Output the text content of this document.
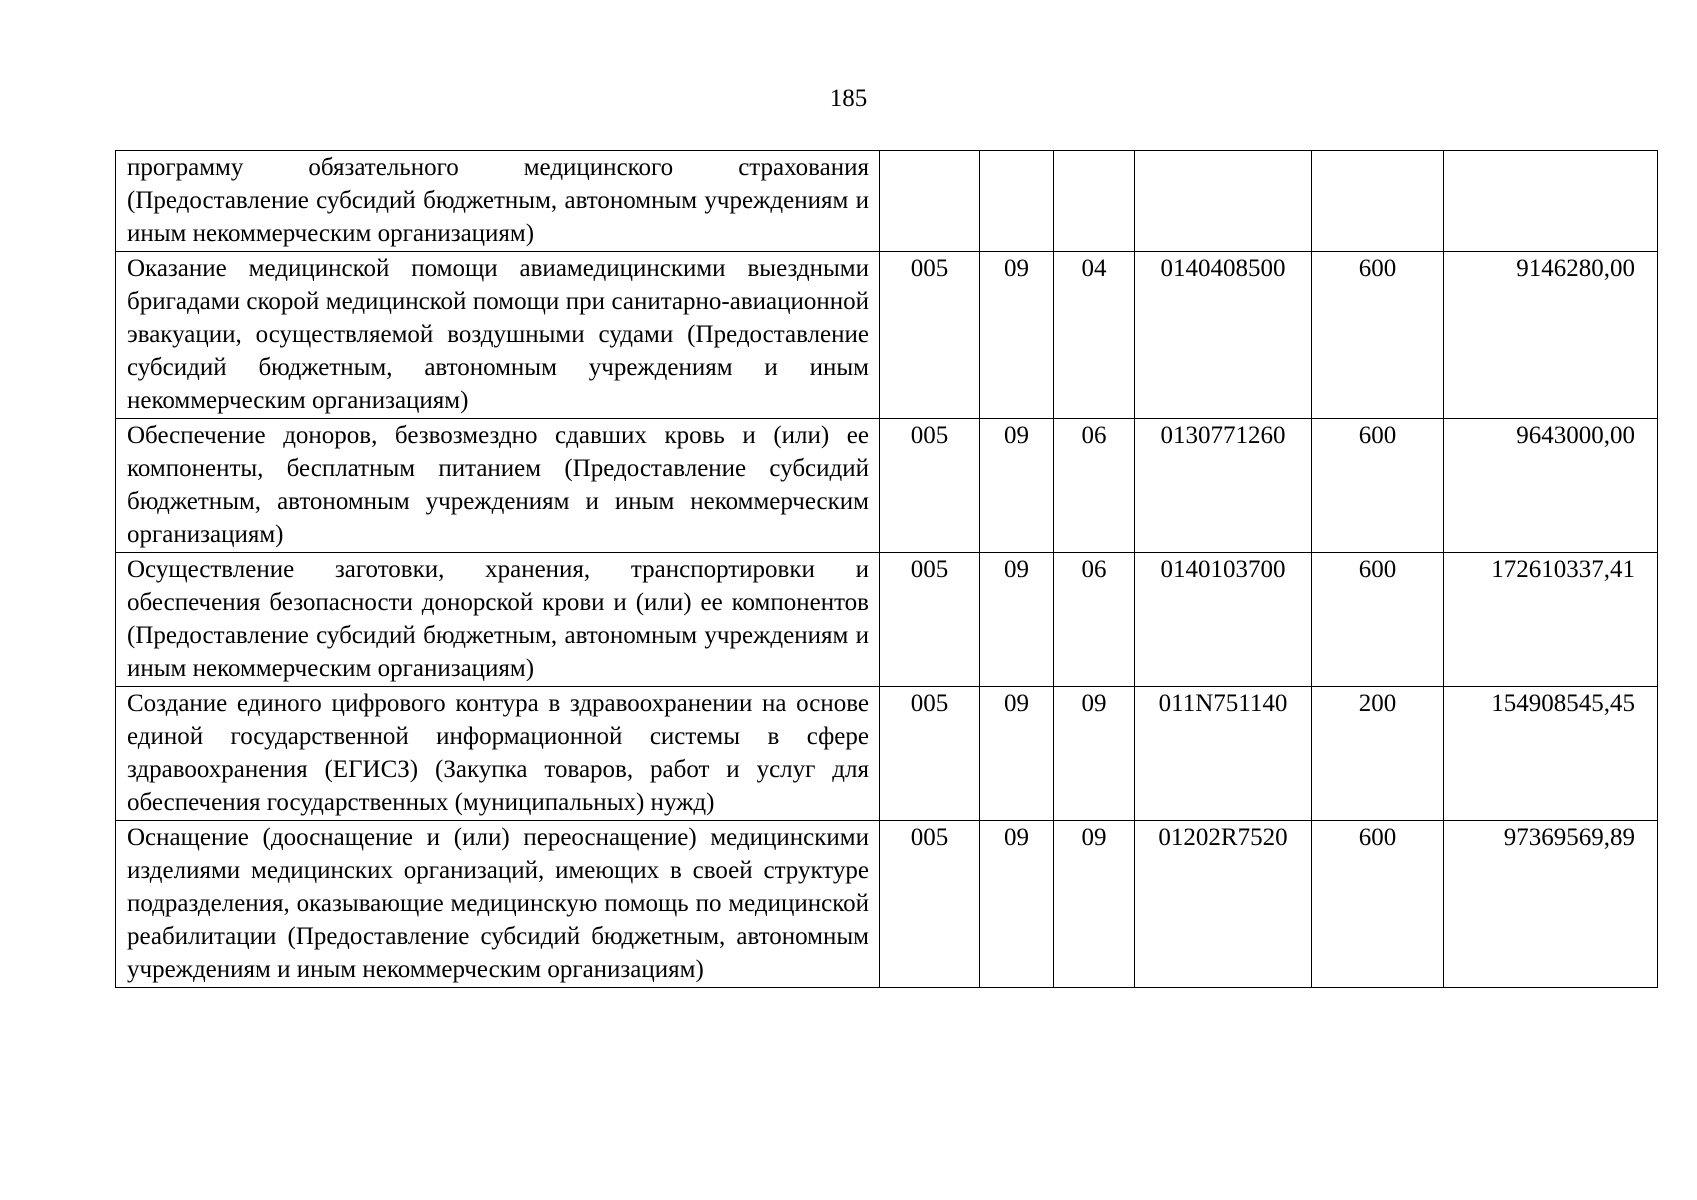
185
программу обязательного медицинского страхования (Предоставление субсидий бюджетным, автономным учреждениям и иным некоммерческим организациям)						

Оказание медицинской помощи авиамедицинскими выездными бригадами скорой медицинской помощи при санитарно-авиационной эвакуации, осуществляемой воздушными судами (Предоставление субсидий бюджетным, автономным учреждениям и иным некоммерческим организациям)	005	09	04	0140408500	600	9146280,00

Обеспечение доноров, безвозмездно сдавших кровь и (или) ее компоненты, бесплатным питанием (Предоставление субсидий бюджетным, автономным учреждениям и иным некоммерческим организациям)	005	09	06	0130771260	600	9643000,00

Осуществление заготовки, хранения, транспортировки и обеспечения безопасности донорской крови и (или) ее компонентов (Предоставление субсидий бюджетным, автономным учреждениям и иным некоммерческим организациям)	005	09	06	0140103700	600	172610337,41

Создание единого цифрового контура в здравоохранении на основе единой государственной информационной системы в сфере здравоохранения (ЕГИСЗ) (Закупка товаров, работ и услуг для обеспечения государственных (муниципальных) нужд)	005	09	09	011N751140	200	154908545,45

Оснащение (дооснащение и (или) переоснащение) медицинскими изделиями медицинских организаций, имеющих в своей структуре подразделения, оказывающие медицинскую помощь по медицинской реабилитации (Предоставление субсидий бюджетным, автономным учреждениям и иным некоммерческим организациям)	005	09	09	01202R7520	600	97369569,89
